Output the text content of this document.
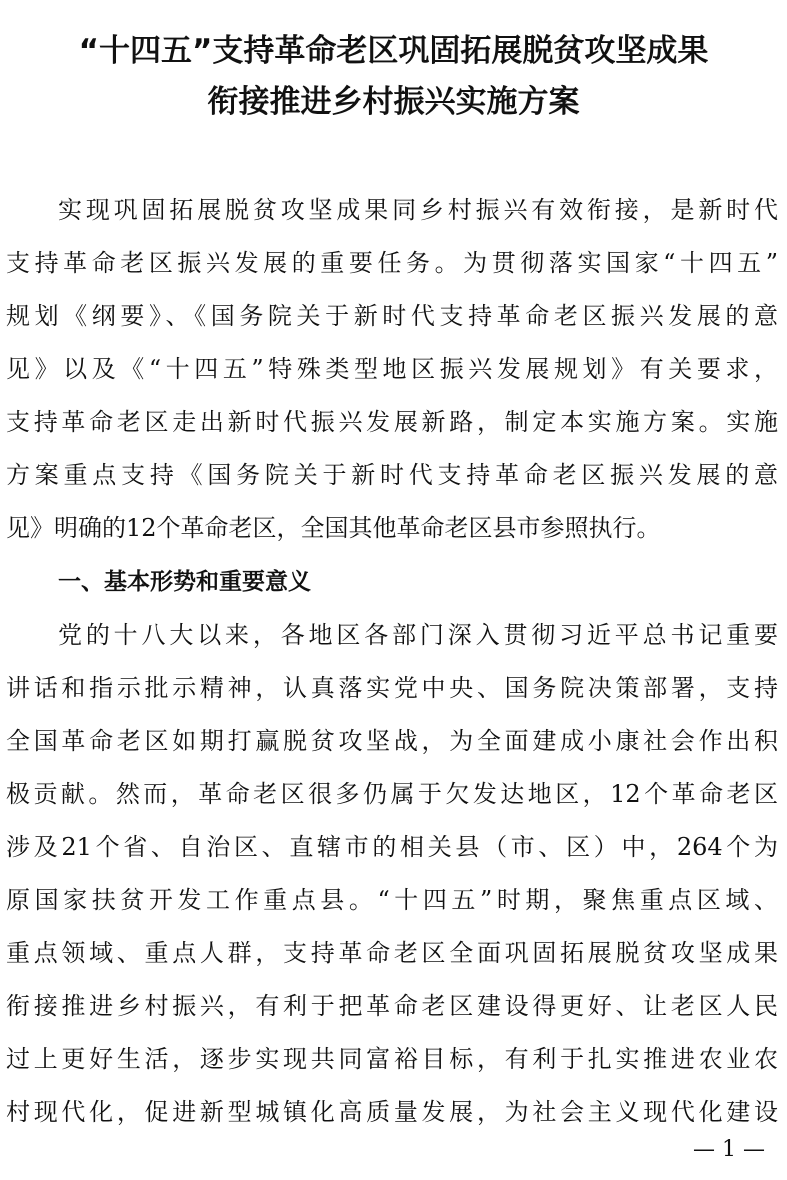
“十四五”支持革命老区巩固拓展脱贫攻坚成果
衔接推进乡村振兴实施方案
实现巩固拓展脱贫攻坚成果同乡村振兴有效衔接，是新时代
支持革命老区振兴发展的重要任务。为贯彻落实国家“十四五”
规划《纲要》、《国务院关于新时代支持革命老区振兴发展的意
见》以及《“十四五”特殊类型地区振兴发展规划》有关要求，
支持革命老区走出新时代振兴发展新路，制定本实施方案。实施
方案重点支持《国务院关于新时代支持革命老区振兴发展的意
见》明确的12个革命老区，全国其他革命老区县市参照执行。
一、基本形势和重要意义
党的十八大以来，各地区各部门深入贯彻习近平总书记重要
讲话和指示批示精神，认真落实党中央、国务院决策部署，支持
全国革命老区如期打赢脱贫攻坚战，为全面建成小康社会作出积
极贡献。然而，革命老区很多仍属于欠发达地区，12个革命老区
涉及21个省、自治区、直辖市的相关县（市、区）中，264个为
原国家扶贫开发工作重点县。“十四五”时期，聚焦重点区域、
重点领域、重点人群，支持革命老区全面巩固拓展脱贫攻坚成果
衔接推进乡村振兴，有利于把革命老区建设得更好、让老区人民
过上更好生活，逐步实现共同富裕目标，有利于扎实推进农业农
村现代化，促进新型城镇化高质量发展，为社会主义现代化建设
— 1 —
